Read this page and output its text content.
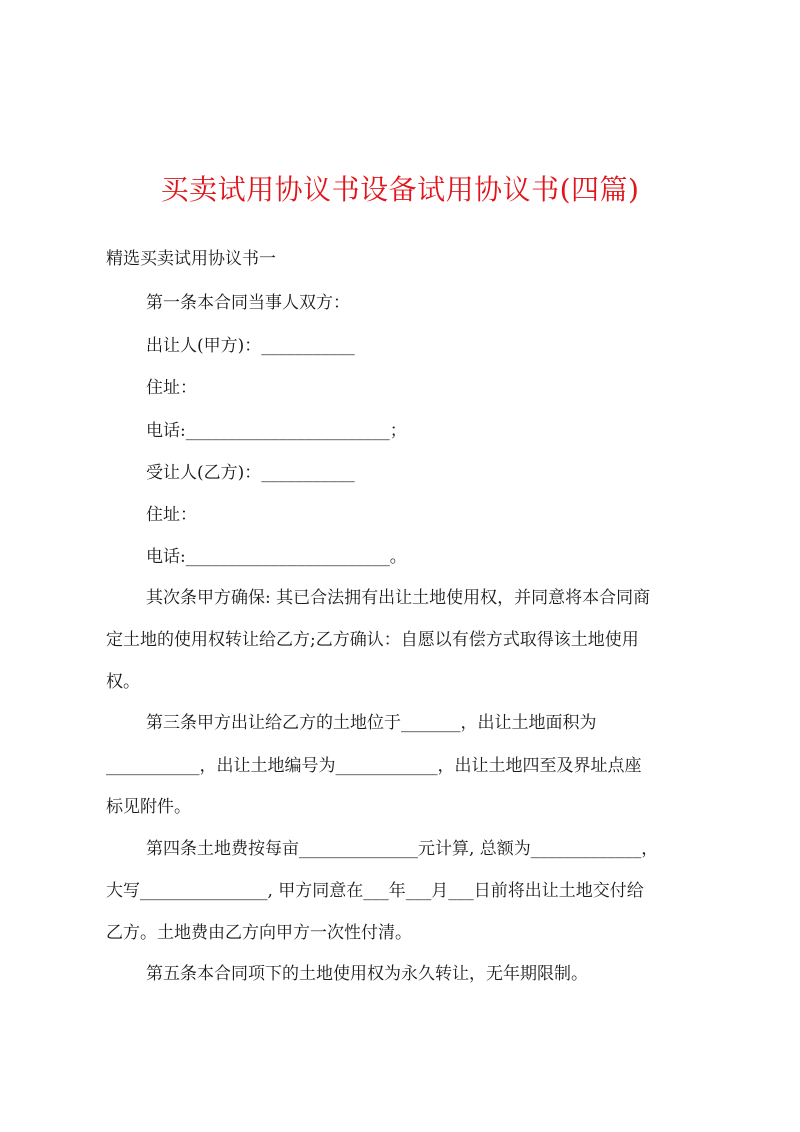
买卖试用协议书设备试用协议书(四篇)
精选买卖试用协议书一
第一条本合同当事人双方：
出让人(甲方)：___________
住址：
电话:________________________；
受让人(乙方)：___________
住址：
电话:________________________。
其次条甲方确保: 其已合法拥有出让土地使用权，并同意将本合同商
定土地的使用权转让给乙方;乙方确认：自愿以有偿方式取得该土地使用
权。
第三条甲方出让给乙方的土地位于_______，出让土地面积为
___________，出让土地编号为____________，出让土地四至及界址点座
标见附件。
第四条土地费按每亩______________元计算, 总额为_____________，
大写_______________, 甲方同意在___年___月___日前将出让土地交付给
乙方。土地费由乙方向甲方一次性付清。
第五条本合同项下的土地使用权为永久转让，无年期限制。
